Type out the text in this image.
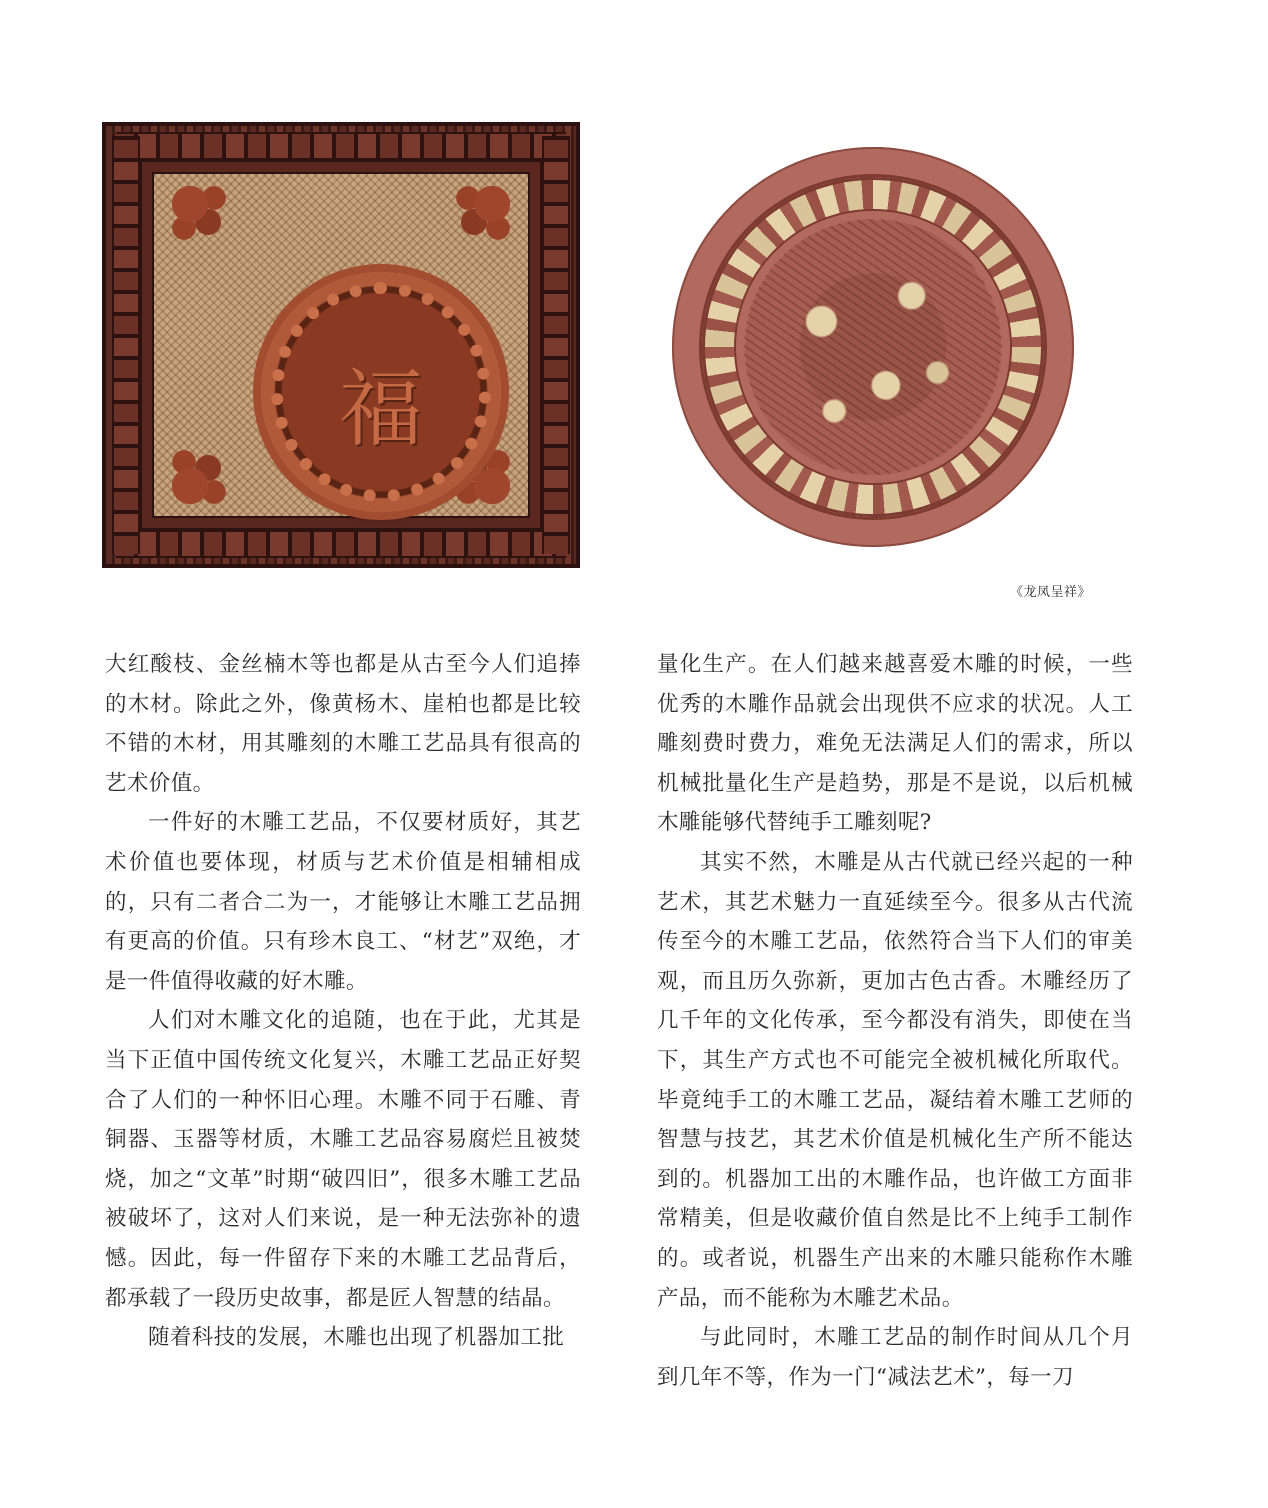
福
《龙凤呈祥》

大红酸枝、金丝楠木等也都是从古至今人们追捧的木材。除此之外，像黄杨木、崖柏也都是比较不错的木材，用其雕刻的木雕工艺品具有很高的艺术价值。

一件好的木雕工艺品，不仅要材质好，其艺术价值也要体现，材质与艺术价值是相辅相成的，只有二者合二为一，才能够让木雕工艺品拥有更高的价值。只有珍木良工、“材艺”双绝，才是一件值得收藏的好木雕。

人们对木雕文化的追随，也在于此，尤其是当下正值中国传统文化复兴，木雕工艺品正好契合了人们的一种怀旧心理。木雕不同于石雕、青铜器、玉器等材质，木雕工艺品容易腐烂且被焚烧，加之“文革”时期“破四旧”，很多木雕工艺品被破坏了，这对人们来说，是一种无法弥补的遗憾。因此，每一件留存下来的木雕工艺品背后，都承载了一段历史故事，都是匠人智慧的结晶。

随着科技的发展，木雕也出现了机器加工批

量化生产。在人们越来越喜爱木雕的时候，一些优秀的木雕作品就会出现供不应求的状况。人工雕刻费时费力，难免无法满足人们的需求，所以机械批量化生产是趋势，那是不是说，以后机械木雕能够代替纯手工雕刻呢?

其实不然，木雕是从古代就已经兴起的一种艺术，其艺术魅力一直延续至今。很多从古代流传至今的木雕工艺品，依然符合当下人们的审美观，而且历久弥新，更加古色古香。木雕经历了几千年的文化传承，至今都没有消失，即使在当下，其生产方式也不可能完全被机械化所取代。毕竟纯手工的木雕工艺品，凝结着木雕工艺师的智慧与技艺，其艺术价值是机械化生产所不能达到的。机器加工出的木雕作品，也许做工方面非常精美，但是收藏价值自然是比不上纯手工制作的。或者说，机器生产出来的木雕只能称作木雕产品，而不能称为木雕艺术品。

与此同时，木雕工艺品的制作时间从几个月到几年不等，作为一门“减法艺术”，每一刀
